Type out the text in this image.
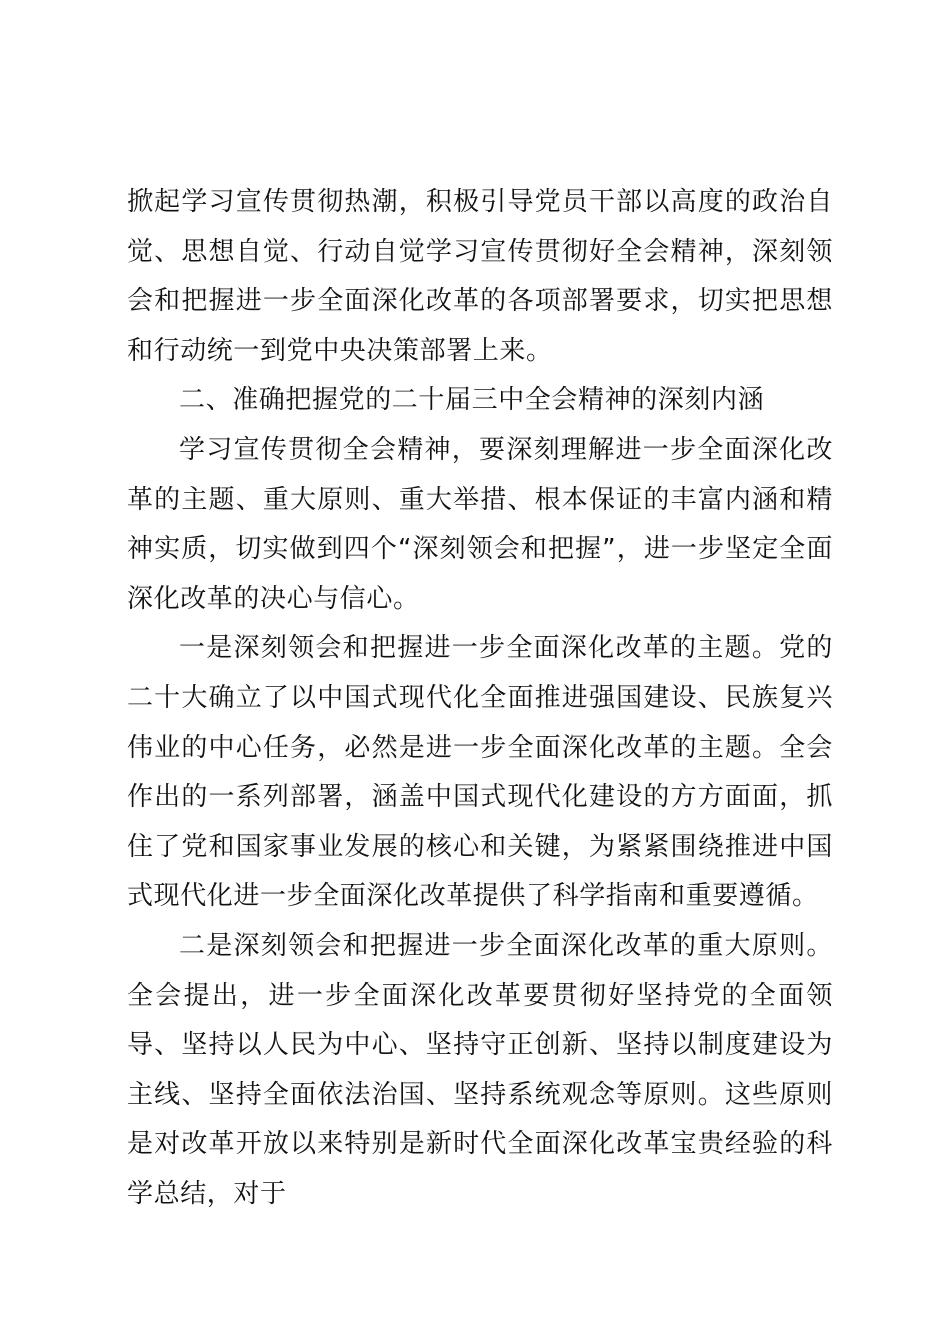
掀起学习宣传贯彻热潮，积极引导党员干部以高度的政治自觉、思想自觉、行动自觉学习宣传贯彻好全会精神，深刻领会和把握进一步全面深化改革的各项部署要求，切实把思想和行动统一到党中央决策部署上来。

二、准确把握党的二十届三中全会精神的深刻内涵

学习宣传贯彻全会精神，要深刻理解进一步全面深化改革的主题、重大原则、重大举措、根本保证的丰富内涵和精神实质，切实做到四个“深刻领会和把握”，进一步坚定全面深化改革的决心与信心。

一是深刻领会和把握进一步全面深化改革的主题。党的二十大确立了以中国式现代化全面推进强国建设、民族复兴伟业的中心任务，必然是进一步全面深化改革的主题。全会作出的一系列部署，涵盖中国式现代化建设的方方面面，抓住了党和国家事业发展的核心和关键，为紧紧围绕推进中国式现代化进一步全面深化改革提供了科学指南和重要遵循。

二是深刻领会和把握进一步全面深化改革的重大原则。全会提出，进一步全面深化改革要贯彻好坚持党的全面领导、坚持以人民为中心、坚持守正创新、坚持以制度建设为主线、坚持全面依法治国、坚持系统观念等原则。这些原则是对改革开放以来特别是新时代全面深化改革宝贵经验的科学总结，对于
